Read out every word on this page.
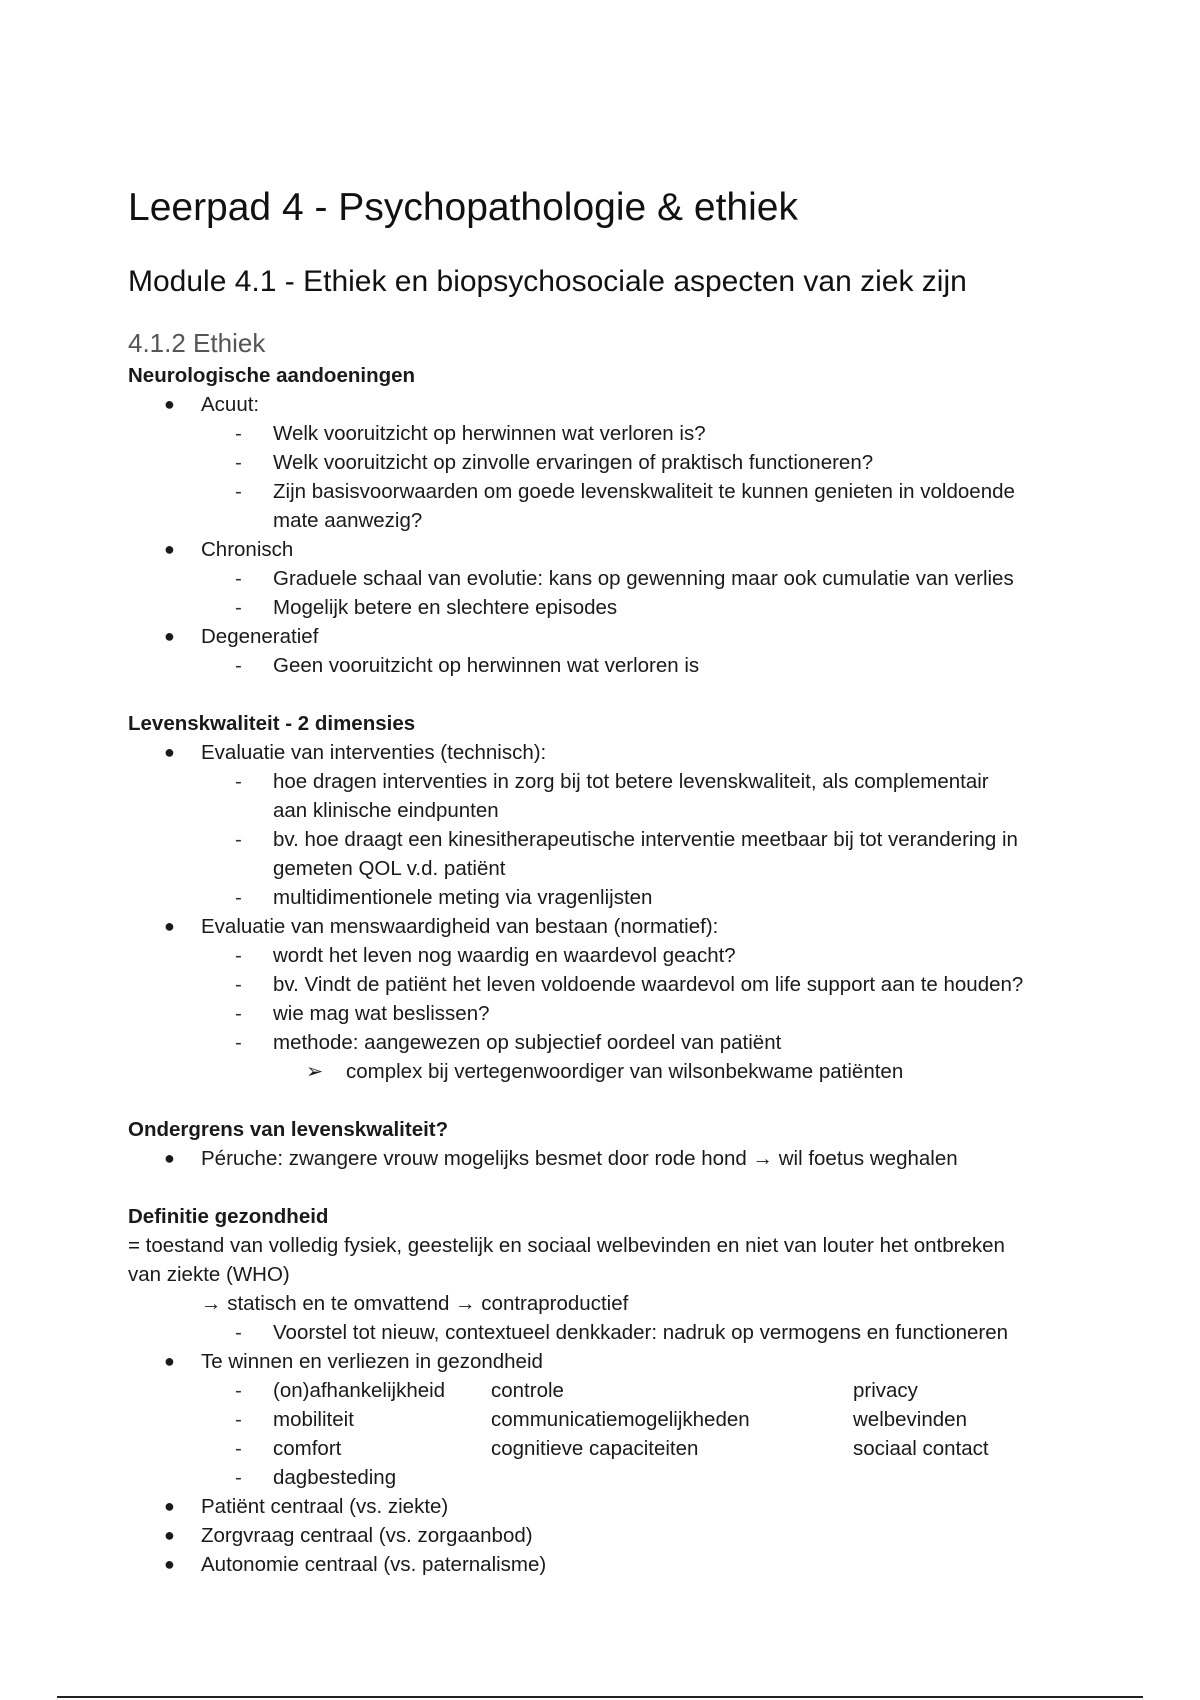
Leerpad 4 - Psychopathologie & ethiek
Module 4.1 - Ethiek en biopsychosociale aspecten van ziek zijn
4.1.2 Ethiek
Neurologische aandoeningen
● Acuut:
- Welk vooruitzicht op herwinnen wat verloren is?
- Welk vooruitzicht op zinvolle ervaringen of praktisch functioneren?
- Zijn basisvoorwaarden om goede levenskwaliteit te kunnen genieten in voldoende
mate aanwezig?
● Chronisch
- Graduele schaal van evolutie: kans op gewenning maar ook cumulatie van verlies
- Mogelijk betere en slechtere episodes
● Degeneratief
- Geen vooruitzicht op herwinnen wat verloren is
Levenskwaliteit - 2 dimensies
● Evaluatie van interventies (technisch):
- hoe dragen interventies in zorg bij tot betere levenskwaliteit, als complementair
aan klinische eindpunten
- bv. hoe draagt een kinesitherapeutische interventie meetbaar bij tot verandering in
gemeten QOL v.d. patiënt
- multidimentionele meting via vragenlijsten
● Evaluatie van menswaardigheid van bestaan (normatief):
- wordt het leven nog waardig en waardevol geacht?
- bv. Vindt de patiënt het leven voldoende waardevol om life support aan te houden?
- wie mag wat beslissen?
- methode: aangewezen op subjectief oordeel van patiënt
➢ complex bij vertegenwoordiger van wilsonbekwame patiënten
Ondergrens van levenskwaliteit?
● Péruche: zwangere vrouw mogelijks besmet door rode hond → wil foetus weghalen
Definitie gezondheid
= toestand van volledig fysiek, geestelijk en sociaal welbevinden en niet van louter het ontbreken
van ziekte (WHO)
→ statisch en te omvattend → contraproductief
- Voorstel tot nieuw, contextueel denkkader: nadruk op vermogens en functioneren
● Te winnen en verliezen in gezondheid
- (on)afhankelijkheid	controle	privacy
- mobiliteit	communicatiemogelijkheden	welbevinden
- comfort	cognitieve capaciteiten	sociaal contact
- dagbesteding
● Patiënt centraal (vs. ziekte)
● Zorgvraag centraal (vs. zorgaanbod)
● Autonomie centraal (vs. paternalisme)
